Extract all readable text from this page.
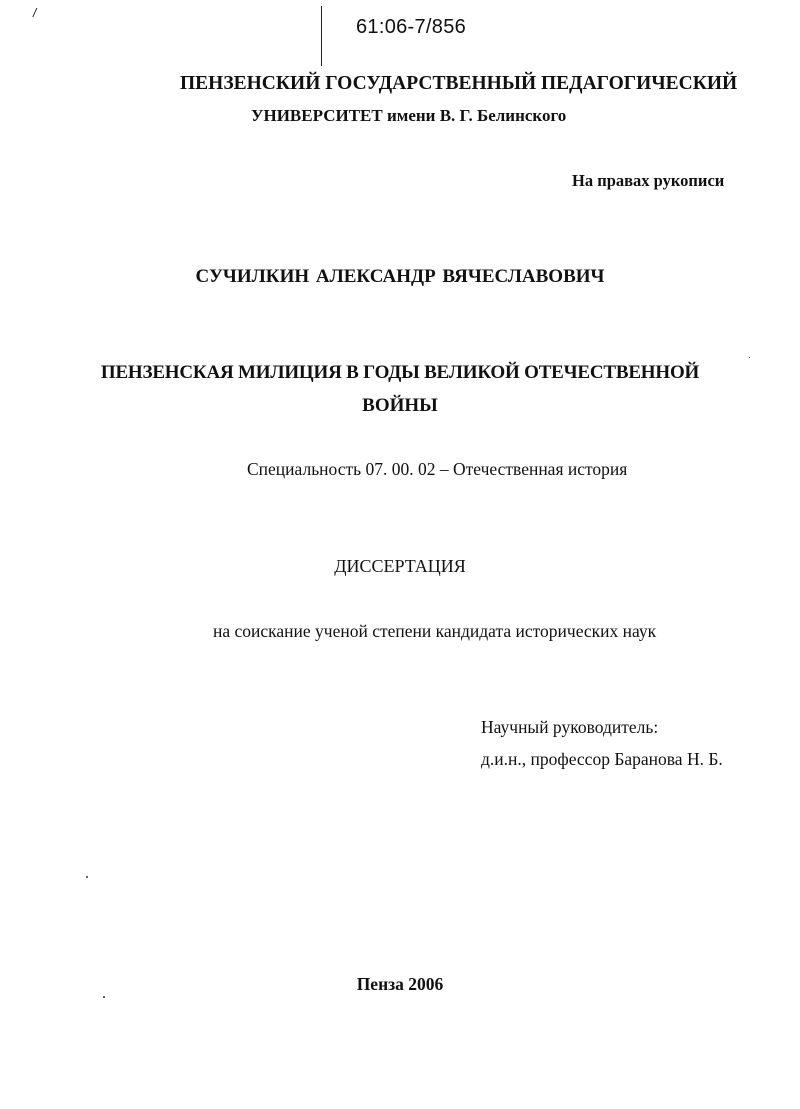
/
61:06-7/856
ПЕНЗЕНСКИЙ ГОСУДАРСТВЕННЫЙ ПЕДАГОГИЧЕСКИЙ
УНИВЕРСИТЕТ имени В. Г. Белинского
На правах рукописи
СУЧИЛКИН АЛЕКСАНДР ВЯЧЕСЛАВОВИЧ
ПЕНЗЕНСКАЯ МИЛИЦИЯ В ГОДЫ ВЕЛИКОЙ ОТЕЧЕСТВЕННОЙ
ВОЙНЫ
Специальность 07. 00. 02 – Отечественная история
ДИССЕРТАЦИЯ
на соискание ученой степени кандидата исторических наук
Научный руководитель:
д.и.н., профессор Баранова Н. Б.
Пенза 2006
